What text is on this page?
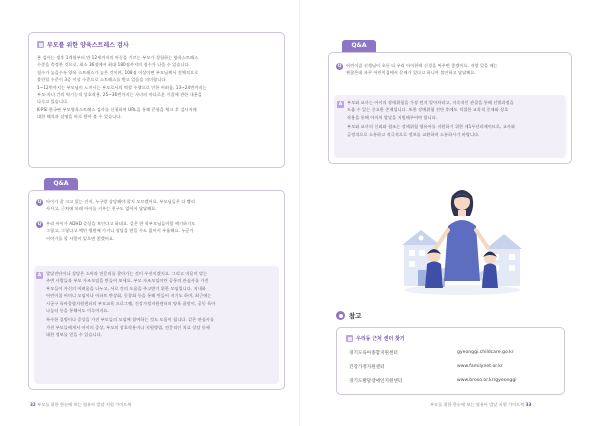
부모를 위한 양육스트레스 검사
본 검사는 생후 1개월부터 만 12세까지의 아동을 기르는 부모가 경험하는 양육스트레스
수준을 측정한 것으로, 최소 36점에서 최대 180점까지의 점수가 나올 수 있습니다.
점수가 높을수록 양육 스트레스가 높은 것이며, 108점 이상이면 부모님께서 전체적으로
불안할 수준이 3증 이상 수준으로 스트레스를 받고 있음을 의미합니다.
1~12번까지는 부모님이 느끼시는 부모로서의 역할 수행으로 인한 어려움, 13~24번까지는
부모-자녀 간의 역기능적 상호작용, 25~36번까지는 자녀의 까다로운 기질에 관한 내용을
다루고 있습니다.
K-PSI 한국판 부모양육스트레스 검사를 신청하여 URL을 통해 문항을 체크 후 검사지에
대한 해석과 설명을 바로 받아 볼 수 있습니다.
Q&A
Q	아이가 잘 크고 있는 건지, 누구랑 상담해야 할지 모르겠어요. 부모님들은 다 빨리
사시고, 근처에 또래 아이를 키우는 친구도 없어서 답답해요.
Q	우리 아이가 ADHD 증상을 보인다고 하네요. 같은 반 학부모님들이랑 얘기하기도
그렇고, 그렇다고 예민 병원에 가거나 상담을 받을 수도 없어서 우울해요. 누군가
이야기를 할 사람이 있으면 좋겠어요.
A	발달진단이나 상담은 소아과 전문의를 찾아가는 것이 우선이겠지요. 그리고 마음이 맞는
주변 사람들과 부모 자조모임을 만들어 보세요. 부모 자조모임이란 공통의 관심사를 가진
부모들이 자신의 어려움을 나누고, 서로 간의 도움을 주고받기 위한 모임입니다. 지내하
어린이집 어머니 모임이나 아파트 반상회, 동창회 등을 통해 만들어 지기도 하며, 최근에는
시군구 육아종합지원센터의 부모교육 프로그램, 건강가정지원센터의 양육 품앗이, 공동 육아
나눔터 등을 통해서도 이루어지요.
특수한 질병이나 증상을 가진 부모들의 모임에 참여하는 것도 도움이 됩니다. 같은 관심사를
가진 부모들에게서 아이의 증상, 부모의 상호작용이나 지원방법, 전문적인 치료 상담 등에
대한 정보를 얻을 수 있습니다.
32 부모를 위한 한눈에 보는 영유아 발달 지원 가이드북
Q&A
Q	어린이집 선생님이 초등 더 우리 아이한테 신경을 써주면 좋겠어요. 저랑 있을 때는
괜찮은데 자꾸 어린이집에서 문제가 있다고 하니까 불안하고 답답해요.
A	부모와 교사는 아이의 장애위험을 가장 먼저 알아차리고, 지속적인 관찰을 통해 선별과정을
도울 수 있는 중요한 존재입니다. 또한 장애위험 진단 후에도 적절한 교육적 중재와 상호
작용을 통해 아이의 발달을 지원해주어야 합니다.
부모와 교사의 신뢰와 협조는 장애위험 영유아를 지원하기 위한 제1우선과제이므로, 교사와
긍정적으로 소통하고 적극적으로 정보를 교환하며 소통하시기 바랍니다.
참고
우리동 근처 센터 찾기
경기도육아종합지원센터	gyeonggi.childcare.go.kr
건강가정지원센터	www.familynet.or.kr
경기도발달장애인지원센터	www.broso.or.kr/gyeonggi
부모를 위한 한눈에 보는 영유아 발달 지원 가이드북 33
